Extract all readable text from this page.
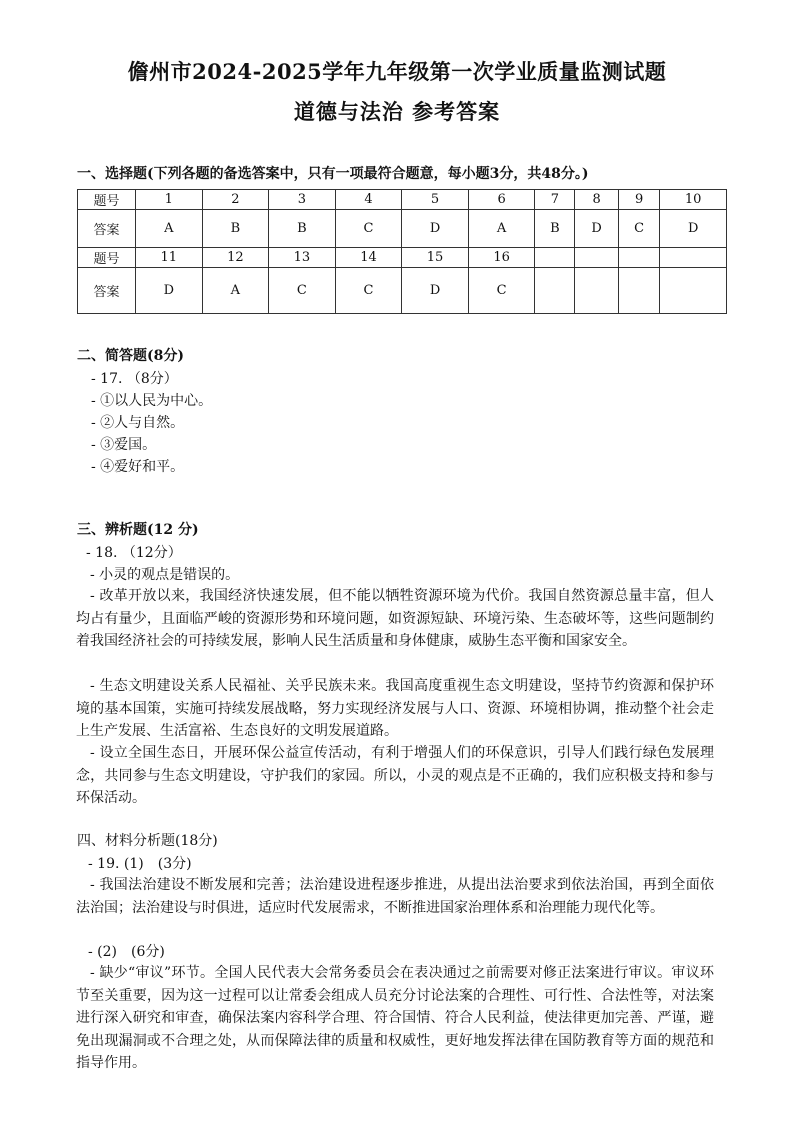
儋州市2024-2025学年九年级第一次学业质量监测试题
道德与法治 参考答案
一、选择题(下列各题的备选答案中，只有一项最符合题意，每小题3分，共48分。)
题号	1	2	3	4	5	6	7	8	9	10
答案	A	B	B	C	D	A	B	D	C	D
题号	11	12	13	14	15	16				
答案	D	A	C	C	D	C				
二、简答题(8分)
- 17. （8分）
- ①以人民为中心。
- ②人与自然。
- ③爱国。
- ④爱好和平。
三、辨析题(12 分)
- 18. （12分）
- 小灵的观点是错误的。
- 改革开放以来，我国经济快速发展，但不能以牺牲资源环境为代价。我国自然资源总量丰富，但人均占有量少，且面临严峻的资源形势和环境问题，如资源短缺、环境污染、生态破坏等，这些问题制约着我国经济社会的可持续发展，影响人民生活质量和身体健康，威胁生态平衡和国家安全。
- 生态文明建设关系人民福祉、关乎民族未来。我国高度重视生态文明建设，坚持节约资源和保护环境的基本国策，实施可持续发展战略，努力实现经济发展与人口、资源、环境相协调，推动整个社会走上生产发展、生活富裕、生态良好的文明发展道路。
- 设立全国生态日，开展环保公益宣传活动，有利于增强人们的环保意识，引导人们践行绿色发展理念，共同参与生态文明建设，守护我们的家园。所以，小灵的观点是不正确的，我们应积极支持和参与环保活动。
四、材料分析题(18分)
- 19. (1)　(3分)
- 我国法治建设不断发展和完善；法治建设进程逐步推进，从提出法治要求到依法治国，再到全面依法治国；法治建设与时俱进，适应时代发展需求，不断推进国家治理体系和治理能力现代化等。
- (2)　(6分)
- 缺少“审议”环节。全国人民代表大会常务委员会在表决通过之前需要对修正法案进行审议。审议环节至关重要，因为这一过程可以让常委会组成人员充分讨论法案的合理性、可行性、合法性等，对法案进行深入研究和审查，确保法案内容科学合理、符合国情、符合人民利益，使法律更加完善、严谨，避免出现漏洞或不合理之处，从而保障法律的质量和权威性，更好地发挥法律在国防教育等方面的规范和指导作用。
